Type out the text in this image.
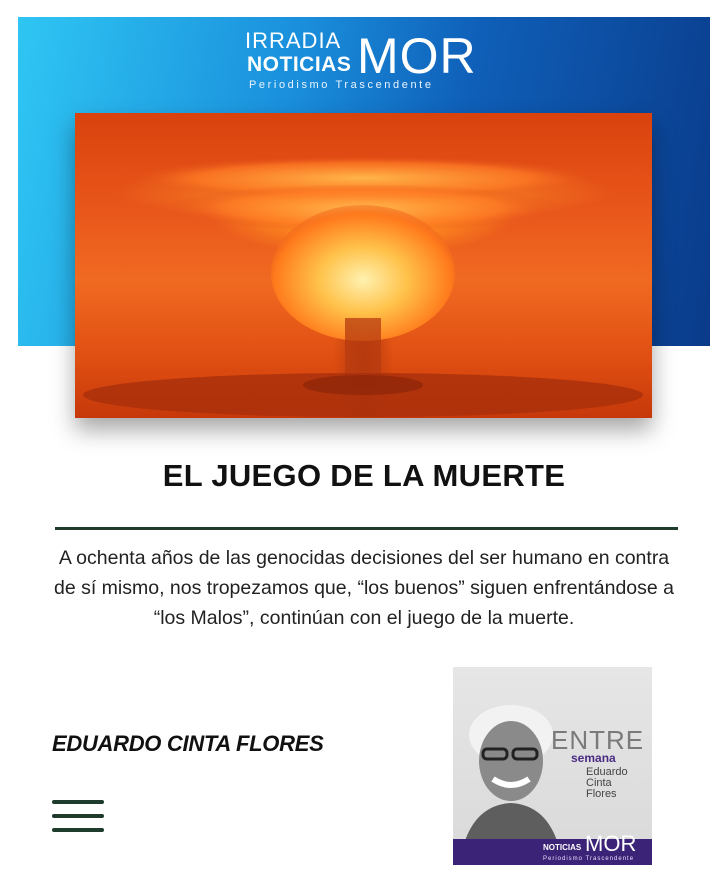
IRRADIA
NOTICIAS MOR
Periodismo Trascendente
EL JUEGO DE LA MUERTE

A ochenta años de las genocidas decisiones del ser humano en contra de sí mismo, nos tropezamos que, “los buenos” siguen enfrentándose a “los Malos”, continúan con el juego de la muerte.

EDUARDO CINTA FLORES	ENTRE
semana
Eduardo
Cinta
Flores
NOTICIAS MOR
Periodismo Trascendente
